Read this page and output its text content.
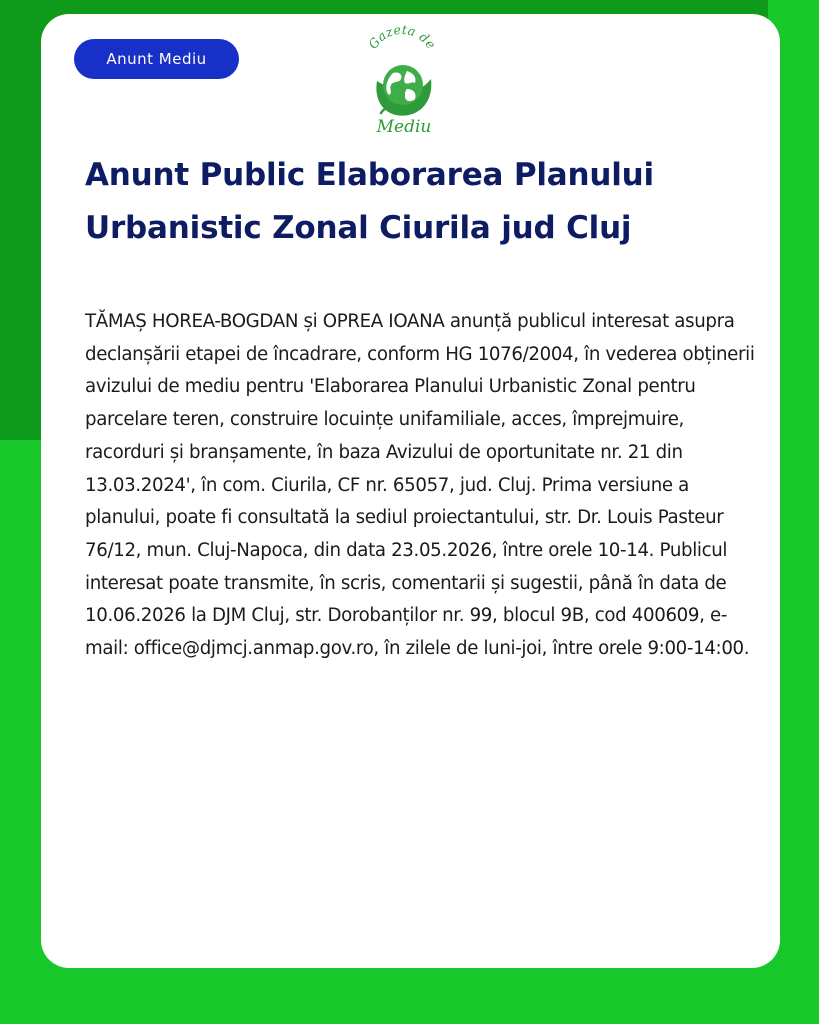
Anunt Mediu
Gazeta de
Mediu
Anunt Public Elaborarea Planului Urbanistic Zonal Ciurila jud Cluj

TĂMAȘ HOREA-BOGDAN și OPREA IOANA anunță publicul interesat asupra declanșării etapei de încadrare, conform HG 1076/2004, în vederea obținerii avizului de mediu pentru 'Elaborarea Planului Urbanistic Zonal pentru parcelare teren, construire locuințe unifamiliale, acces, împrejmuire, racorduri și branșamente, în baza Avizului de oportunitate nr. 21 din 13.03.2024', în com. Ciurila, CF nr. 65057, jud. Cluj. Prima versiune a planului, poate fi consultată la sediul proiectantului, str. Dr. Louis Pasteur 76/12, mun. Cluj-Napoca, din data 23.05.2026, între orele 10-14. Publicul interesat poate transmite, în scris, comentarii și sugestii, până în data de 10.06.2026 la DJM Cluj, str. Dorobanților nr. 99, blocul 9B, cod 400609, e-mail: office@djmcj.anmap.gov.ro, în zilele de luni-joi, între orele 9:00-14:00.
